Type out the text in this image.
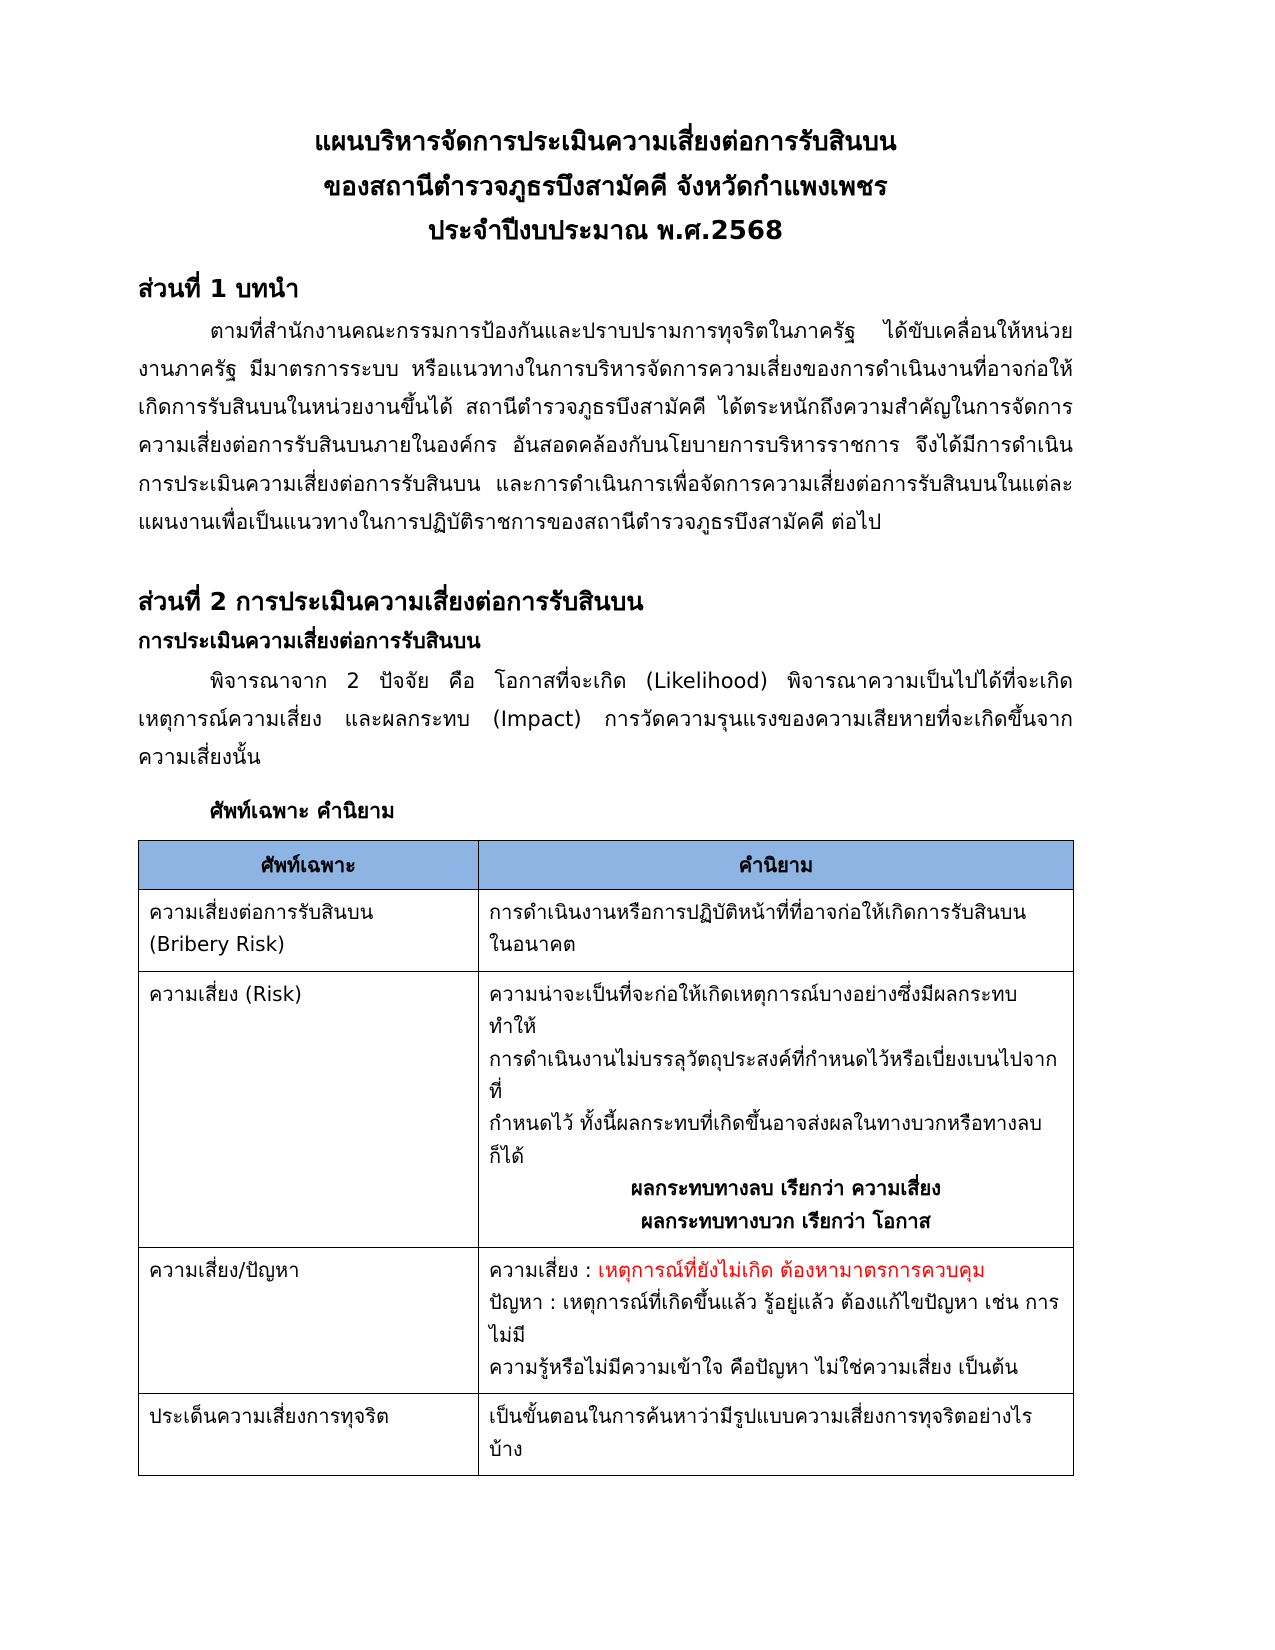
แผนบริหารจัดการประเมินความเสี่ยงต่อการรับสินบน
ของสถานีตำรวจภูธรบึงสามัคคี จังหวัดกำแพงเพชร
ประจำปีงบประมาณ พ.ศ.2568
ส่วนที่ 1 บทนำ

ตามที่สำนักงานคณะกรรมการป้องกันและปราบปรามการทุจริตในภาครัฐ ได้ขับเคลื่อนให้หน่วยงานภาครัฐ มีมาตรการระบบ หรือแนวทางในการบริหารจัดการความเสี่ยงของการดำเนินงานที่อาจก่อให้เกิดการรับสินบนในหน่วยงานขึ้นได้ สถานีตำรวจภูธรบึงสามัคคี ได้ตระหนักถึงความสำคัญในการจัดการความเสี่ยงต่อการรับสินบนภายในองค์กร อันสอดคล้องกับนโยบายการบริหารราชการ จึงได้มีการดำเนินการประเมินความเสี่ยงต่อการรับสินบน และการดำเนินการเพื่อจัดการความเสี่ยงต่อการรับสินบนในแต่ละแผนงานเพื่อเป็นแนวทางในการปฏิบัติราชการของสถานีตำรวจภูธรบึงสามัคคี ต่อไป

ส่วนที่ 2 การประเมินความเสี่ยงต่อการรับสินบน
การประเมินความเสี่ยงต่อการรับสินบน

พิจารณาจาก 2 ปัจจัย คือ โอกาสที่จะเกิด (Likelihood) พิจารณาความเป็นไปได้ที่จะเกิดเหตุการณ์ความเสี่ยง และผลกระทบ (Impact) การวัดความรุนแรงของความเสียหายที่จะเกิดขึ้นจากความเสี่ยงนั้น

ศัพท์เฉพาะ คำนิยาม
ศัพท์เฉพาะ	คำนิยาม

ความเสี่ยงต่อการรับสินบน
(Bribery Risk)	การดำเนินงานหรือการปฏิบัติหน้าที่ที่อาจก่อให้เกิดการรับสินบน
ในอนาคต

ความเสี่ยง (Risk)	ความน่าจะเป็นที่จะก่อให้เกิดเหตุการณ์บางอย่างซึ่งมีผลกระทบ ทำให้
การดำเนินงานไม่บรรลุวัตถุประสงค์ที่กำหนดไว้หรือเบี่ยงเบนไปจากที่
กำหนดไว้ ทั้งนี้ผลกระทบที่เกิดขึ้นอาจส่งผลในทางบวกหรือทางลบก็ได้
ผลกระทบทางลบ เรียกว่า ความเสี่ยง
ผลกระทบทางบวก เรียกว่า โอกาส

ความเสี่ยง/ปัญหา	ความเสี่ยง : เหตุการณ์ที่ยังไม่เกิด ต้องหามาตรการควบคุม
ปัญหา : เหตุการณ์ที่เกิดขึ้นแล้ว รู้อยู่แล้ว ต้องแก้ไขปัญหา เช่น การไม่มี
ความรู้หรือไม่มีความเข้าใจ คือปัญหา ไม่ใช่ความเสี่ยง เป็นต้น

ประเด็นความเสี่ยงการทุจริต	เป็นขั้นตอนในการค้นหาว่ามีรูปแบบความเสี่ยงการทุจริตอย่างไรบ้าง
